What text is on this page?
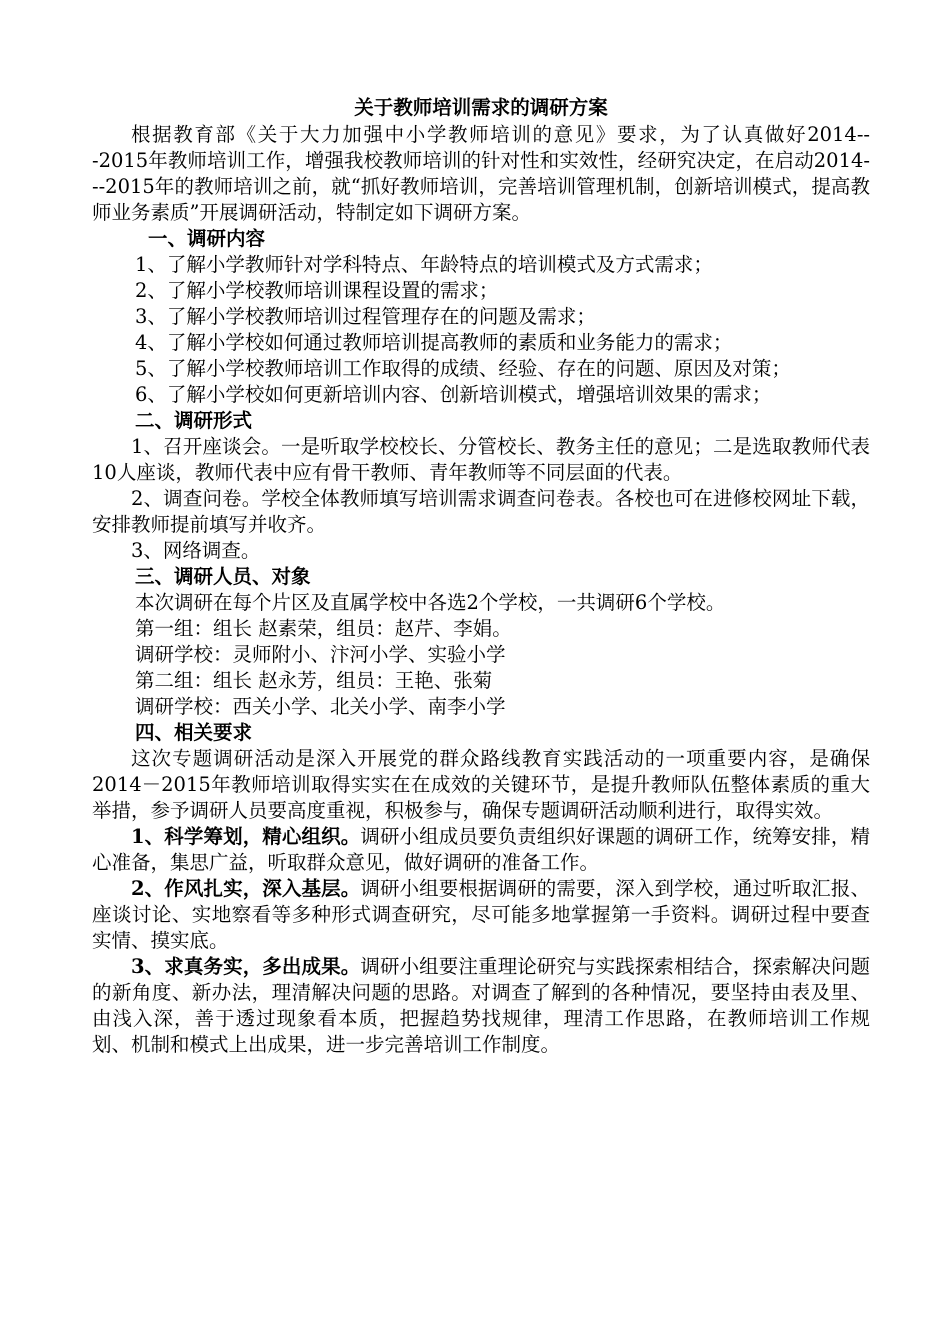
关于教师培训需求的调研方案

根据教育部《关于大力加强中小学教师培训的意见》要求，为了认真做好2014---2015年教师培训工作，增强我校教师培训的针对性和实效性，经研究决定，在启动2014---2015年的教师培训之前，就“抓好教师培训，完善培训管理机制，创新培训模式，提高教师业务素质”开展调研活动，特制定如下调研方案。

一、调研内容

1、了解小学教师针对学科特点、年龄特点的培训模式及方式需求；

2、了解小学校教师培训课程设置的需求；

3、了解小学校教师培训过程管理存在的问题及需求；

4、了解小学校如何通过教师培训提高教师的素质和业务能力的需求；

5、了解小学校教师培训工作取得的成绩、经验、存在的问题、原因及对策；

6、了解小学校如何更新培训内容、创新培训模式，增强培训效果的需求；

二、调研形式

1、召开座谈会。一是听取学校校长、分管校长、教务主任的意见；二是选取教师代表10人座谈，教师代表中应有骨干教师、青年教师等不同层面的代表。

2、调查问卷。学校全体教师填写培训需求调查问卷表。各校也可在进修校网址下载，安排教师提前填写并收齐。

3、网络调查。

三、调研人员、对象

本次调研在每个片区及直属学校中各选2个学校，一共调研6个学校。

第一组：组长 赵素荣，组员：赵芹、李娟。

调研学校：灵师附小、汴河小学、实验小学

第二组：组长 赵永芳，组员：王艳、张菊

调研学校：西关小学、北关小学、南李小学

四、相关要求

这次专题调研活动是深入开展党的群众路线教育实践活动的一项重要内容，是确保2014－2015年教师培训取得实实在在成效的关键环节，是提升教师队伍整体素质的重大举措，参予调研人员要高度重视，积极参与，确保专题调研活动顺利进行，取得实效。

1、科学筹划，精心组织。调研小组成员要负责组织好课题的调研工作，统筹安排，精心准备，集思广益，听取群众意见，做好调研的准备工作。

2、作风扎实，深入基层。调研小组要根据调研的需要，深入到学校，通过听取汇报、座谈讨论、实地察看等多种形式调查研究，尽可能多地掌握第一手资料。调研过程中要查实情、摸实底。

3、求真务实，多出成果。调研小组要注重理论研究与实践探索相结合，探索解决问题的新角度、新办法，理清解决问题的思路。对调查了解到的各种情况，要坚持由表及里、由浅入深，善于透过现象看本质，把握趋势找规律，理清工作思路，在教师培训工作规划、机制和模式上出成果，进一步完善培训工作制度。
